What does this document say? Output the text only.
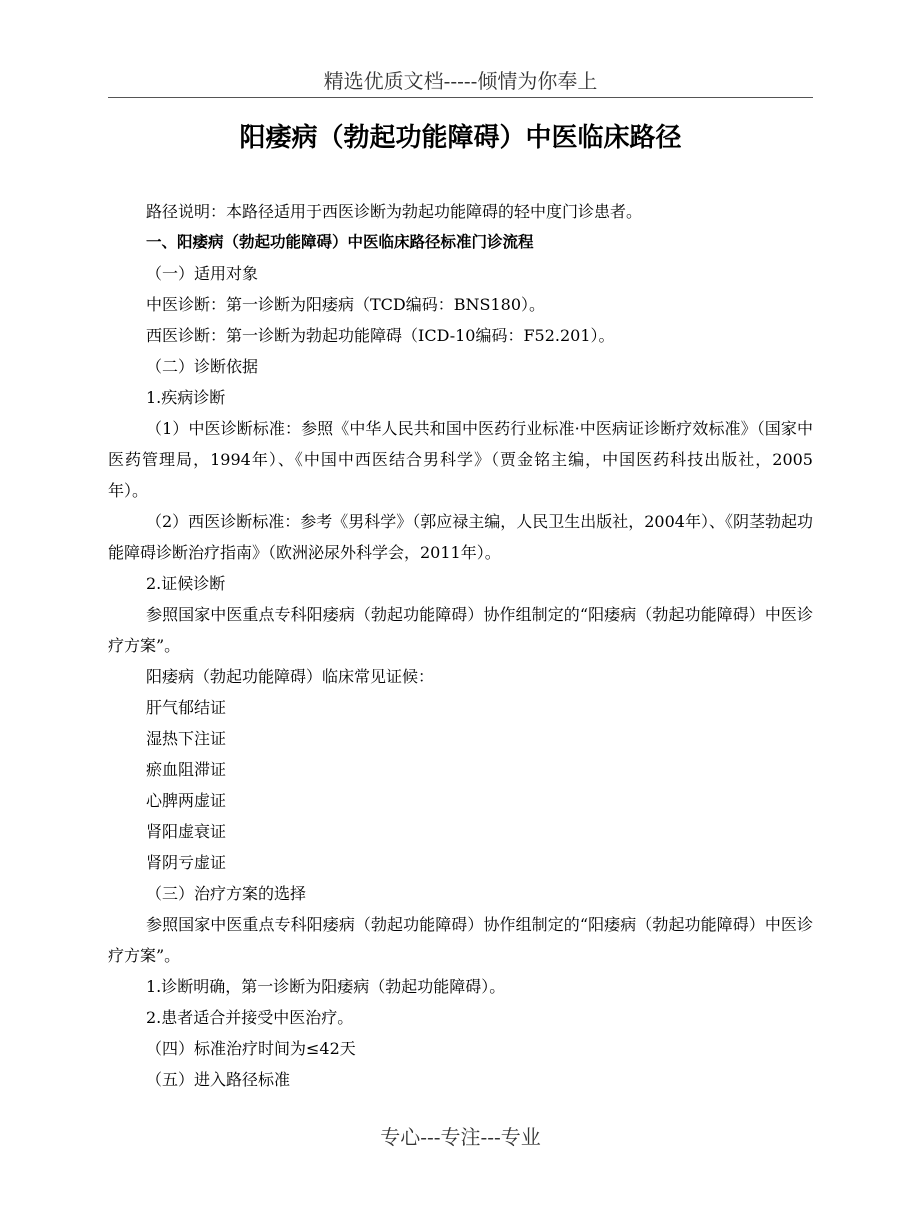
精选优质文档-----倾情为你奉上
阳痿病（勃起功能障碍）中医临床路径

路径说明：本路径适用于西医诊断为勃起功能障碍的轻中度门诊患者。

一、阳痿病（勃起功能障碍）中医临床路径标准门诊流程

（一）适用对象

中医诊断：第一诊断为阳痿病（TCD编码：BNS180）。

西医诊断：第一诊断为勃起功能障碍（ICD-10编码：F52.201）。

（二）诊断依据

1.疾病诊断

（1）中医诊断标准：参照《中华人民共和国中医药行业标准·中医病证诊断疗效标准》（国家中医药管理局，1994年）、《中国中西医结合男科学》（贾金铭主编，中国医药科技出版社，2005年）。

（2）西医诊断标准：参考《男科学》（郭应禄主编，人民卫生出版社，2004年）、《阴茎勃起功能障碍诊断治疗指南》（欧洲泌尿外科学会，2011年）。

2.证候诊断

参照国家中医重点专科阳痿病（勃起功能障碍）协作组制定的“阳痿病（勃起功能障碍）中医诊疗方案”。

阳痿病（勃起功能障碍）临床常见证候：

肝气郁结证

湿热下注证

瘀血阻滞证

心脾两虚证

肾阳虚衰证

肾阴亏虚证

（三）治疗方案的选择

参照国家中医重点专科阳痿病（勃起功能障碍）协作组制定的“阳痿病（勃起功能障碍）中医诊疗方案”。

1.诊断明确，第一诊断为阳痿病（勃起功能障碍）。

2.患者适合并接受中医治疗。

（四）标准治疗时间为≤42天

（五）进入路径标准

专心---专注---专业
